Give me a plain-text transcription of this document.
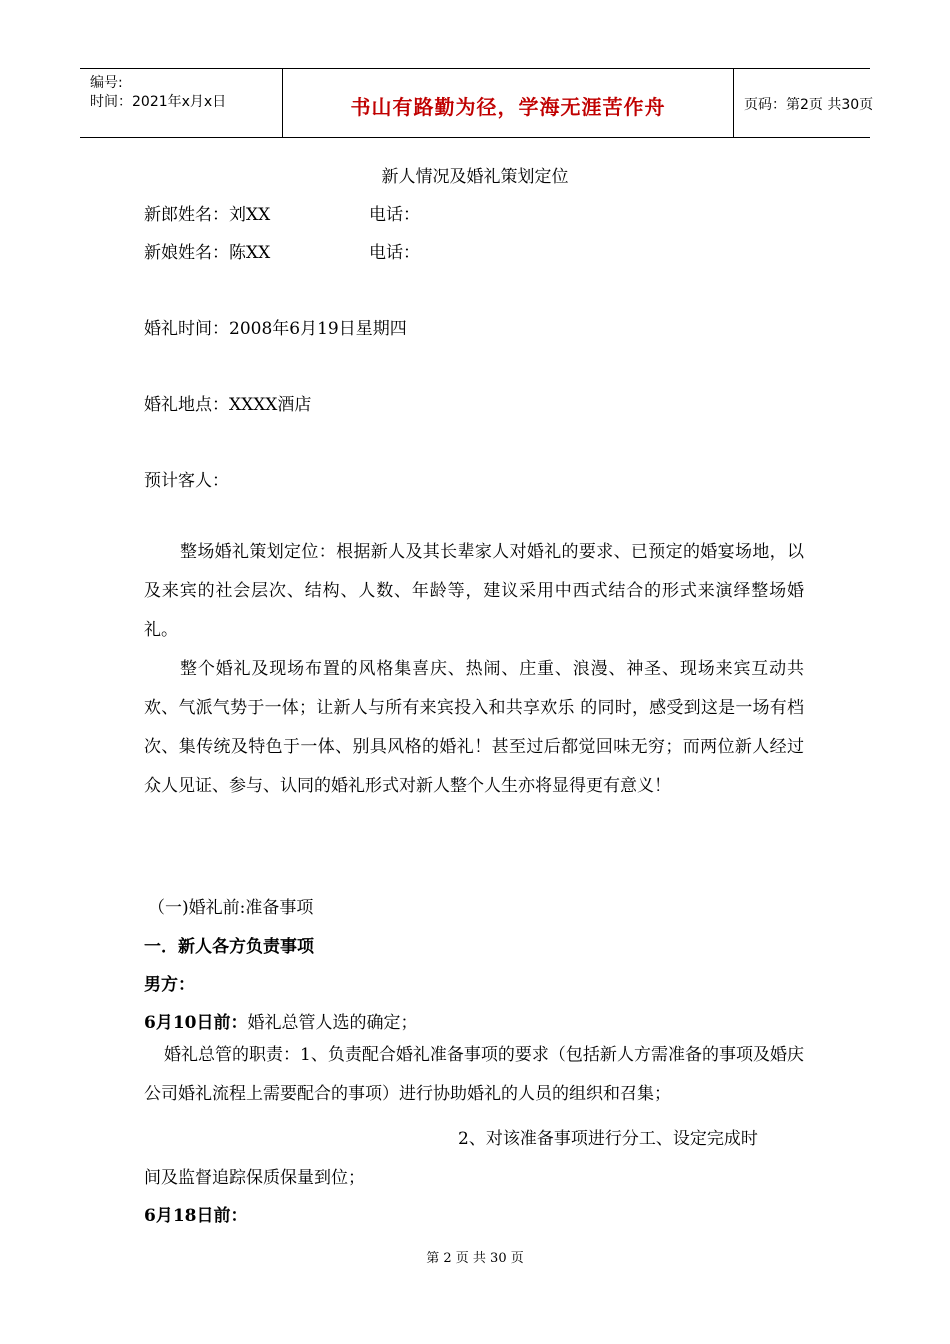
编号:
时间：2021年x月x日	书山有路勤为径，学海无涯苦作舟	页码：第2页 共30页
新人情况及婚礼策划定位
新郎姓名：刘XX	电话：
新娘姓名：陈XX	电话：
婚礼时间：2008年6月19日星期四
婚礼地点：XXXX酒店
预计客人：
整场婚礼策划定位：根据新人及其长辈家人对婚礼的要求、已预定的婚宴场地，以及来宾的社会层次、结构、人数、年龄等，建议采用中西式结合的形式来演绎整场婚礼。
整个婚礼及现场布置的风格集喜庆、热闹、庄重、浪漫、神圣、现场来宾互动共欢、气派气势于一体；让新人与所有来宾投入和共享欢乐 的同时，感受到这是一场有档次、集传统及特色于一体、别具风格的婚礼！甚至过后都觉回味无穷；而两位新人经过众人见证、参与、认同的婚礼形式对新人整个人生亦将显得更有意义！
（一)婚礼前:准备事项
一．新人各方负责事项
男方：
6月10日前：婚礼总管人选的确定；
婚礼总管的职责：1、负责配合婚礼准备事项的要求（包括新人方需准备的事项及婚庆公司婚礼流程上需要配合的事项）进行协助婚礼的人员的组织和召集；
2、对该准备事项进行分工、设定完成时
间及监督追踪保质保量到位；
6月18日前：
第 2 页 共 30 页
